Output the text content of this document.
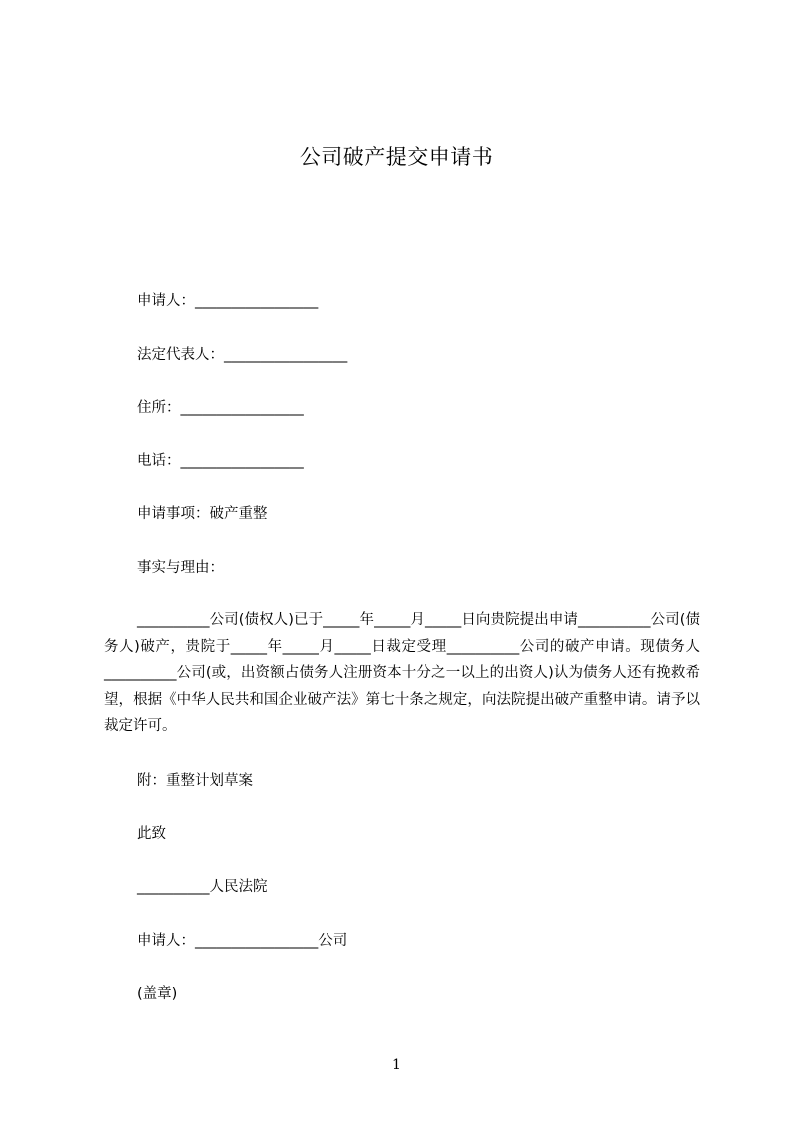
公司破产提交申请书
申请人：_________________
法定代表人：_________________
住所：_________________
电话：_________________
申请事项：破产重整
事实与理由：
__________公司(债权人)已于_____年_____月_____日向贵院提出申请__________公司(债务人)破产，贵院于_____年_____月_____日裁定受理__________公司的破产申请。现债务人__________公司(或，出资额占债务人注册资本十分之一以上的出资人)认为债务人还有挽救希望，根据《中华人民共和国企业破产法》第七十条之规定，向法院提出破产重整申请。请予以裁定许可。
附：重整计划草案
此致
__________人民法院
申请人：_________________公司
(盖章)
1
